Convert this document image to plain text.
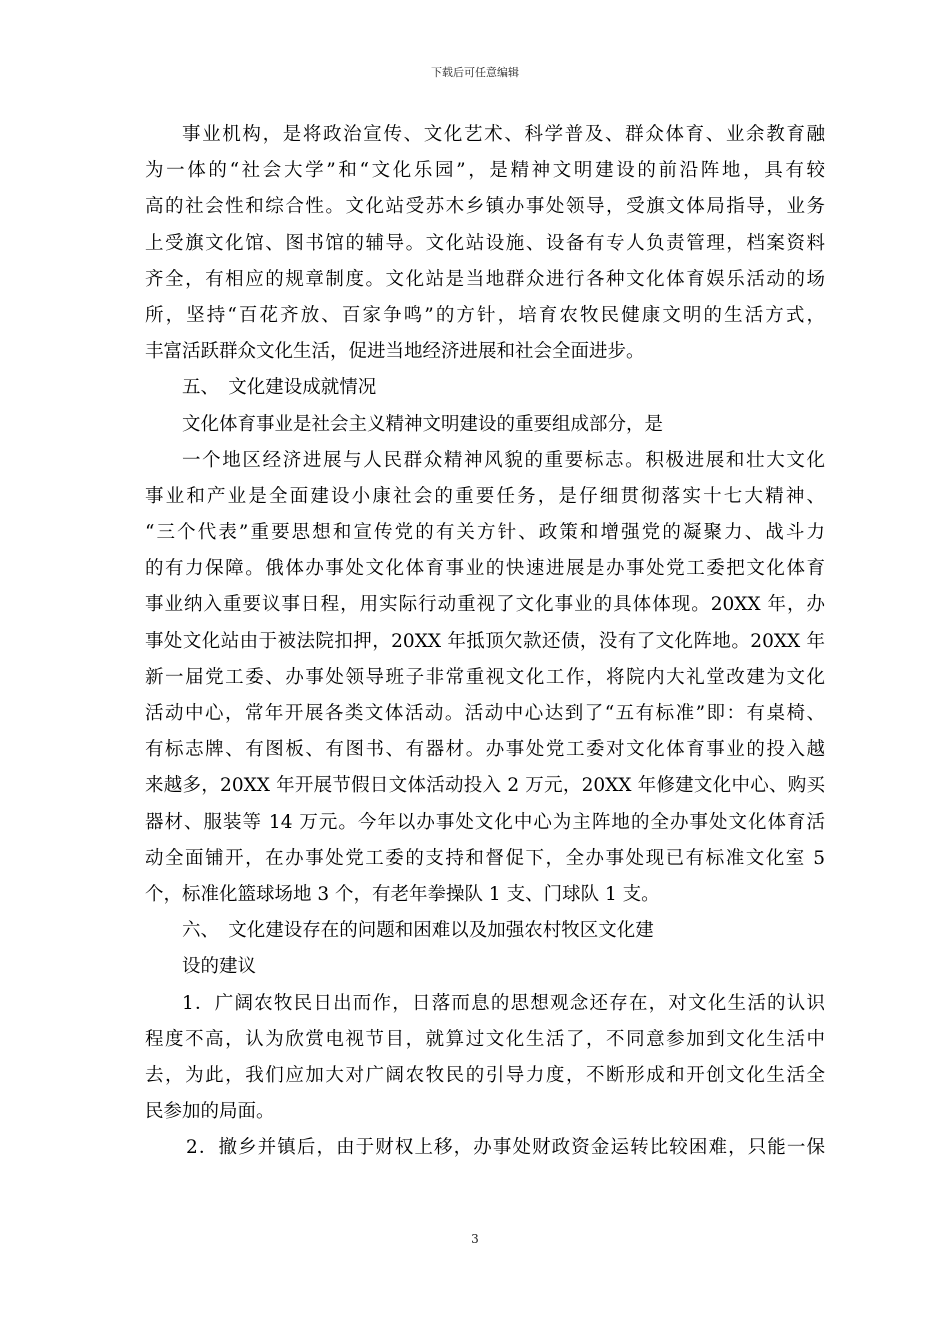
下载后可任意编辑
事业机构，是将政治宣传、文化艺术、科学普及、群众体育、业余教育融
为一体的“社会大学”和“文化乐园”，是精神文明建设的前沿阵地，具有较
高的社会性和综合性。文化站受苏木乡镇办事处领导，受旗文体局指导，业务
上受旗文化馆、图书馆的辅导。文化站设施、设备有专人负责管理，档案资料
齐全，有相应的规章制度。文化站是当地群众进行各种文化体育娱乐活动的场
所，坚持“百花齐放、百家争鸣”的方针，培育农牧民健康文明的生活方式，
丰富活跃群众文化生活，促进当地经济进展和社会全面进步。
五、　文化建设成就情况
文化体育事业是社会主义精神文明建设的重要组成部分，是
一个地区经济进展与人民群众精神风貌的重要标志。积极进展和壮大文化
事业和产业是全面建设小康社会的重要任务，是仔细贯彻落实十七大精神、
“三个代表”重要思想和宣传党的有关方针、政策和增强党的凝聚力、战斗力
的有力保障。俄体办事处文化体育事业的快速进展是办事处党工委把文化体育
事业纳入重要议事日程，用实际行动重视了文化事业的具体体现。20XX 年，办
事处文化站由于被法院扣押，20XX 年抵顶欠款还债，没有了文化阵地。20XX 年
新一届党工委、办事处领导班子非常重视文化工作，将院内大礼堂改建为文化
活动中心，常年开展各类文体活动。活动中心达到了“五有标准”即：有桌椅、
有标志牌、有图板、有图书、有器材。办事处党工委对文化体育事业的投入越
来越多，20XX 年开展节假日文体活动投入 2 万元，20XX 年修建文化中心、购买
器材、服装等 14 万元。今年以办事处文化中心为主阵地的全办事处文化体育活
动全面铺开，在办事处党工委的支持和督促下，全办事处现已有标准文化室 5
个，标准化篮球场地 3 个，有老年拳操队 1 支、门球队 1 支。
六、　文化建设存在的问题和困难以及加强农村牧区文化建
设的建议
1．广阔农牧民日出而作，日落而息的思想观念还存在，对文化生活的认识
程度不高，认为欣赏电视节目，就算过文化生活了，不同意参加到文化生活中
去，为此，我们应加大对广阔农牧民的引导力度，不断形成和开创文化生活全
民参加的局面。
2．撤乡并镇后，由于财权上移，办事处财政资金运转比较困难，只能一保
3
